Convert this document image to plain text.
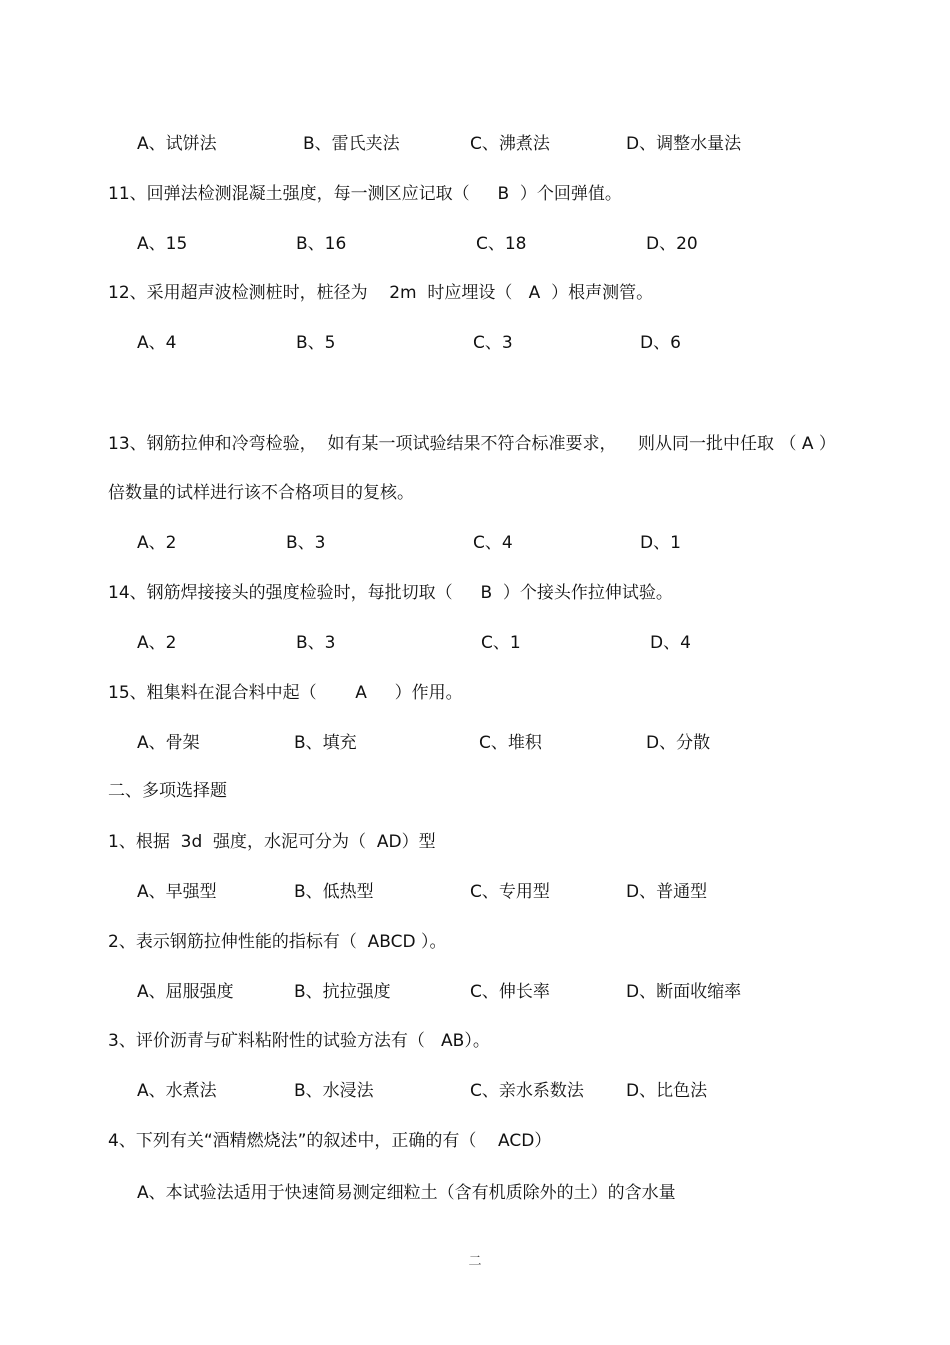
A、试饼法	B、雷氏夹法	C、沸煮法	D、调整水量法
11、回弹法检测混凝土强度，每一测区应记取（　  B  ）个回弹值。
A、15	B、16	C、18	D、20
12、采用超声波检测桩时，桩径为    2m  时应埋设（   A  ）根声测管。
A、4	B、5	C、3	D、6
13、钢筋拉伸和冷弯检验，  如有某一项试验结果不符合标准要求，    则从同一批中任取 （ A ）
倍数量的试样进行该不合格项目的复核。
A、2	B、3	C、4	D、1
14、钢筋焊接接头的强度检验时，每批切取（　  B  ）个接头作拉伸试验。
A、2	B、3	C、1	D、4
15、粗集料在混合料中起（　    A　  ）作用。
A、骨架	B、填充	C、堆积	D、分散
二、多项选择题
1、根据  3d  强度，水泥可分为（  AD）型
A、早强型	B、低热型	C、专用型	D、普通型
2、表示钢筋拉伸性能的指标有（  ABCD ）。
A、屈服强度	B、抗拉强度	C、伸长率	D、断面收缩率
3、评价沥青与矿料粘附性的试验方法有（   AB）。
A、水煮法	B、水浸法	C、亲水系数法 D、比色法
4、下列有关“酒精燃烧法”的叙述中，正确的有（    ACD）
A、本试验法适用于快速简易测定细粒土（含有机质除外的土）的含水量
二
